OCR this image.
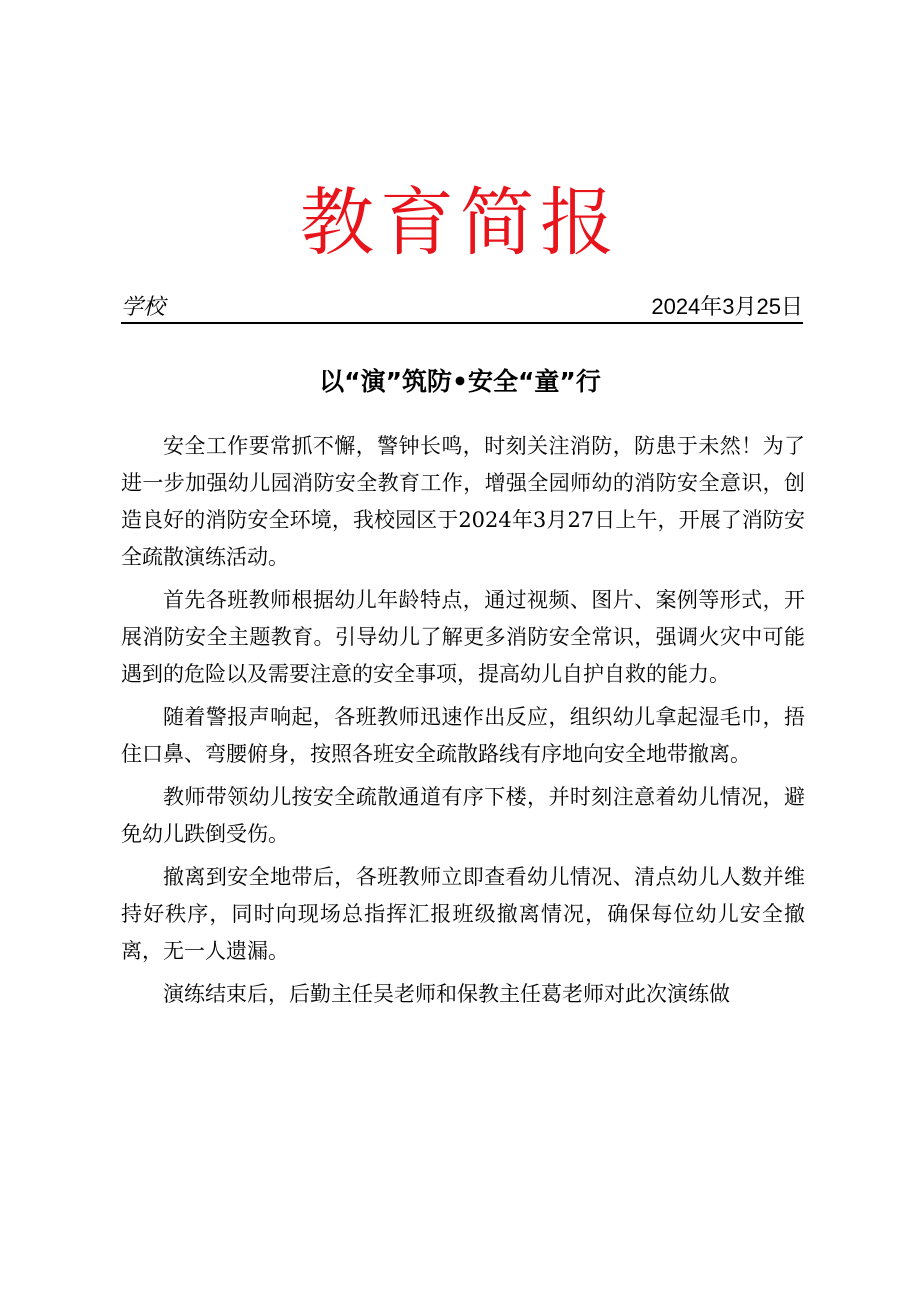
教育简报
学校	2024年3月25日
以“演”筑防•安全“童”行

安全工作要常抓不懈，警钟长鸣，时刻关注消防，防患于未然！为了进一步加强幼儿园消防安全教育工作，增强全园师幼的消防安全意识，创造良好的消防安全环境，我校园区于2024年3月27日上午，开展了消防安全疏散演练活动。

首先各班教师根据幼儿年龄特点，通过视频、图片、案例等形式，开展消防安全主题教育。引导幼儿了解更多消防安全常识，强调火灾中可能遇到的危险以及需要注意的安全事项，提高幼儿自护自救的能力。

随着警报声响起，各班教师迅速作出反应，组织幼儿拿起湿毛巾，捂住口鼻、弯腰俯身，按照各班安全疏散路线有序地向安全地带撤离。

教师带领幼儿按安全疏散通道有序下楼，并时刻注意着幼儿情况，避免幼儿跌倒受伤。

撤离到安全地带后，各班教师立即查看幼儿情况、清点幼儿人数并维持好秩序，同时向现场总指挥汇报班级撤离情况，确保每位幼儿安全撤离，无一人遗漏。

演练结束后，后勤主任吴老师和保教主任葛老师对此次演练做
